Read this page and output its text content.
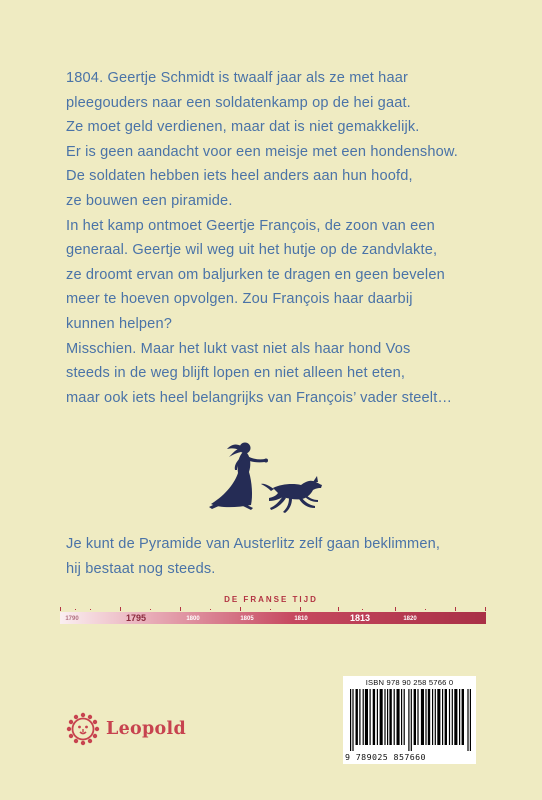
1804. Geertje Schmidt is twaalf jaar als ze met haar
pleegouders naar een soldatenkamp op de hei gaat.
Ze moet geld verdienen, maar dat is niet gemakkelijk.
Er is geen aandacht voor een meisje met een hondenshow.
De soldaten hebben iets heel anders aan hun hoofd,
ze bouwen een piramide.
In het kamp ontmoet Geertje François, de zoon van een
generaal. Geertje wil weg uit het hutje op de zandvlakte,
ze droomt ervan om baljurken te dragen en geen bevelen
meer te hoeven opvolgen. Zou François haar daarbij
kunnen helpen?
Misschien. Maar het lukt vast niet als haar hond Vos
steeds in de weg blijft lopen en niet alleen het eten,
maar ook iets heel belangrijks van François’ vader steelt…
Je kunt de Pyramide van Austerlitz zelf gaan beklimmen,
hij bestaat nog steeds.
DE FRANSE TIJD
1790	1795	1800	1805	1810	1813	1820
Leopold
ISBN 978 90 258 5766 0
9 789025 857660
